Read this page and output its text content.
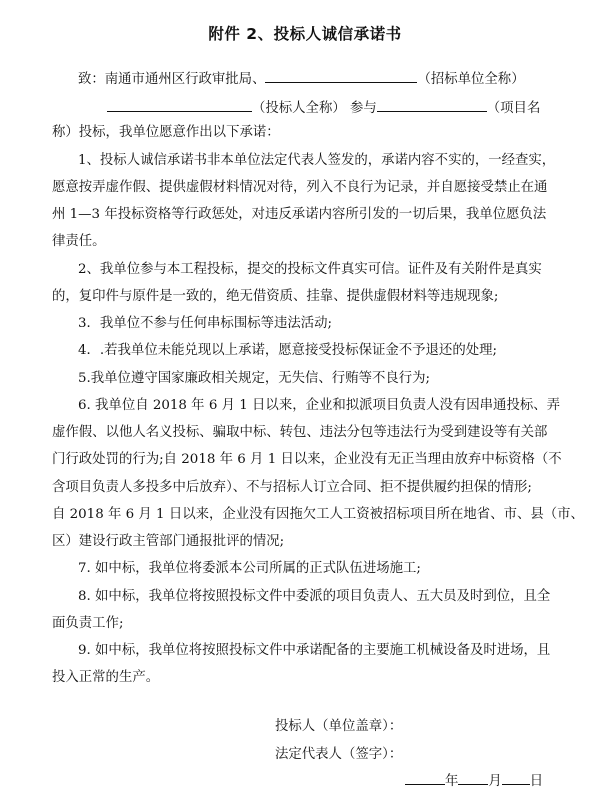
附件 2、投标人诚信承诺书
致：南通市通州区行政审批局、	（招标单位全称）
（投标人全称） 参与	（项目名
称）投标，我单位愿意作出以下承诺：
1、投标人诚信承诺书非本单位法定代表人签发的，承诺内容不实的，一经查实，
愿意按弄虚作假、提供虚假材料情况对待，列入不良行为记录，并自愿接受禁止在通
州 1—3 年投标资格等行政惩处，对违反承诺内容所引发的一切后果，我单位愿负法
律责任。
2、我单位参与本工程投标，提交的投标文件真实可信。证件及有关附件是真实
的，复印件与原件是一致的，绝无借资质、挂靠、提供虚假材料等违规现象;
3．我单位不参与任何串标围标等违法活动;
4．.若我单位未能兑现以上承诺，愿意接受投标保证金不予退还的处理;
5.我单位遵守国家廉政相关规定，无失信、行贿等不良行为;
6. 我单位自 2018 年 6 月 1 日以来，企业和拟派项目负责人没有因串通投标、弄
虚作假、以他人名义投标、骗取中标、转包、违法分包等违法行为受到建设等有关部
门行政处罚的行为;自 2018 年 6 月 1 日以来，企业没有无正当理由放弃中标资格（不
含项目负责人多投多中后放弃）、不与招标人订立合同、拒不提供履约担保的情形;
自 2018 年 6 月 1 日以来，企业没有因拖欠工人工资被招标项目所在地省、市、县（市、
区）建设行政主管部门通报批评的情况;
7. 如中标，我单位将委派本公司所属的正式队伍进场施工;
8. 如中标，我单位将按照投标文件中委派的项目负责人、五大员及时到位，且全
面负责工作;
9. 如中标，我单位将按照投标文件中承诺配备的主要施工机械设备及时进场，且
投入正常的生产。
投标人（单位盖章）：
法定代表人（签字）：
年 月 日
